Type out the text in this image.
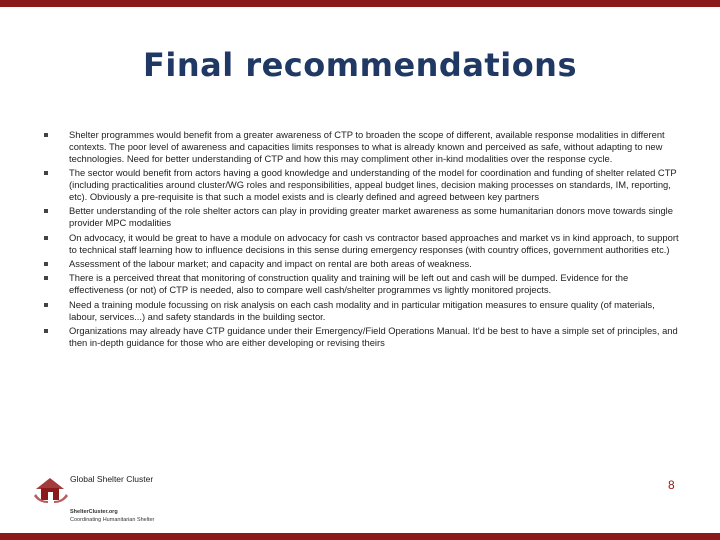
Final recommendations
Shelter programmes would benefit from a greater awareness of CTP to broaden the scope of different, available response modalities in different contexts. The poor level of awareness and capacities limits responses to what is already known and perceived as safe, without adapting to new technologies. Need for better understanding of CTP and how this may compliment other in-kind modalities over the response cycle.
The sector would benefit from actors having a good knowledge and understanding of the model for coordination and funding of shelter related CTP (including practicalities around cluster/WG roles and responsibilities, appeal budget lines, decision making processes on standards, IM, reporting, etc). Obviously a pre-requisite is that such a model exists and is clearly defined and agreed between key partners
Better understanding of the role shelter actors can play in providing greater market awareness as some humanitarian donors move towards single provider MPC modalities
On advocacy, it would be great to have a module on advocacy for cash vs contractor based approaches and market vs in kind approach, to support to technical staff learning how to influence decisions in this sense during emergency responses (with country offices, government authorities etc.)
Assessment of the labour market; and capacity and impact on rental are both areas of weakness.
There is a perceived threat that monitoring of construction quality and training will be left out and cash will be dumped. Evidence for the effectiveness (or not) of CTP is needed, also to compare well cash/shelter programmes vs lightly monitored projects.
Need a training module focussing on risk analysis on each cash modality and in particular mitigation measures to ensure quality (of materials, labour, services...) and safety standards in the building sector.
Organizations may already have CTP guidance under their Emergency/Field Operations Manual. It'd be best to have a simple set of principles, and then in-depth guidance for those who are either developing or revising theirs
Global Shelter Cluster
ShelterCluster.org
Coordinating Humanitarian Shelter
8
